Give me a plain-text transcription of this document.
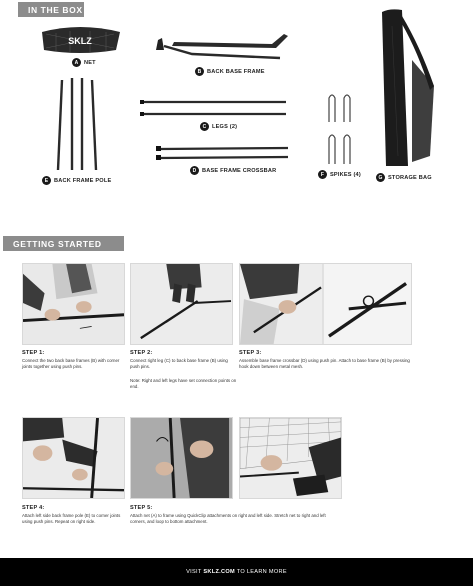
IN THE BOX
SKLZ
A NET
B BACK BASE FRAME
C LEGS (2)
D BASE FRAME CROSSBAR
E	BACK FRAME POLE
F	SPIKES (4)	G STORAGE BAG
GETTING STARTED
STEP 1:
Connect the two back base frames (B) with corner joints together using push pins.
STEP 2:
Connect right leg (C) to back base frame (B) using push pins.
Note: Right and left legs have set connection points on end.
STEP 3:
Assemble base frame crossbar (D) using push pin. Attach to base frame (B) by pressing hook down between metal mesh.
STEP 4:
Attach left side back frame pole (E) to corner joints using push pins. Repeat on right side.
STEP 5:
Attach net (A) to frame using QuickClip attachments on right and left side. Stretch net to right and left corners, and loop to bottom attachment.
VISIT SKLZ.COM TO LEARN MORE
